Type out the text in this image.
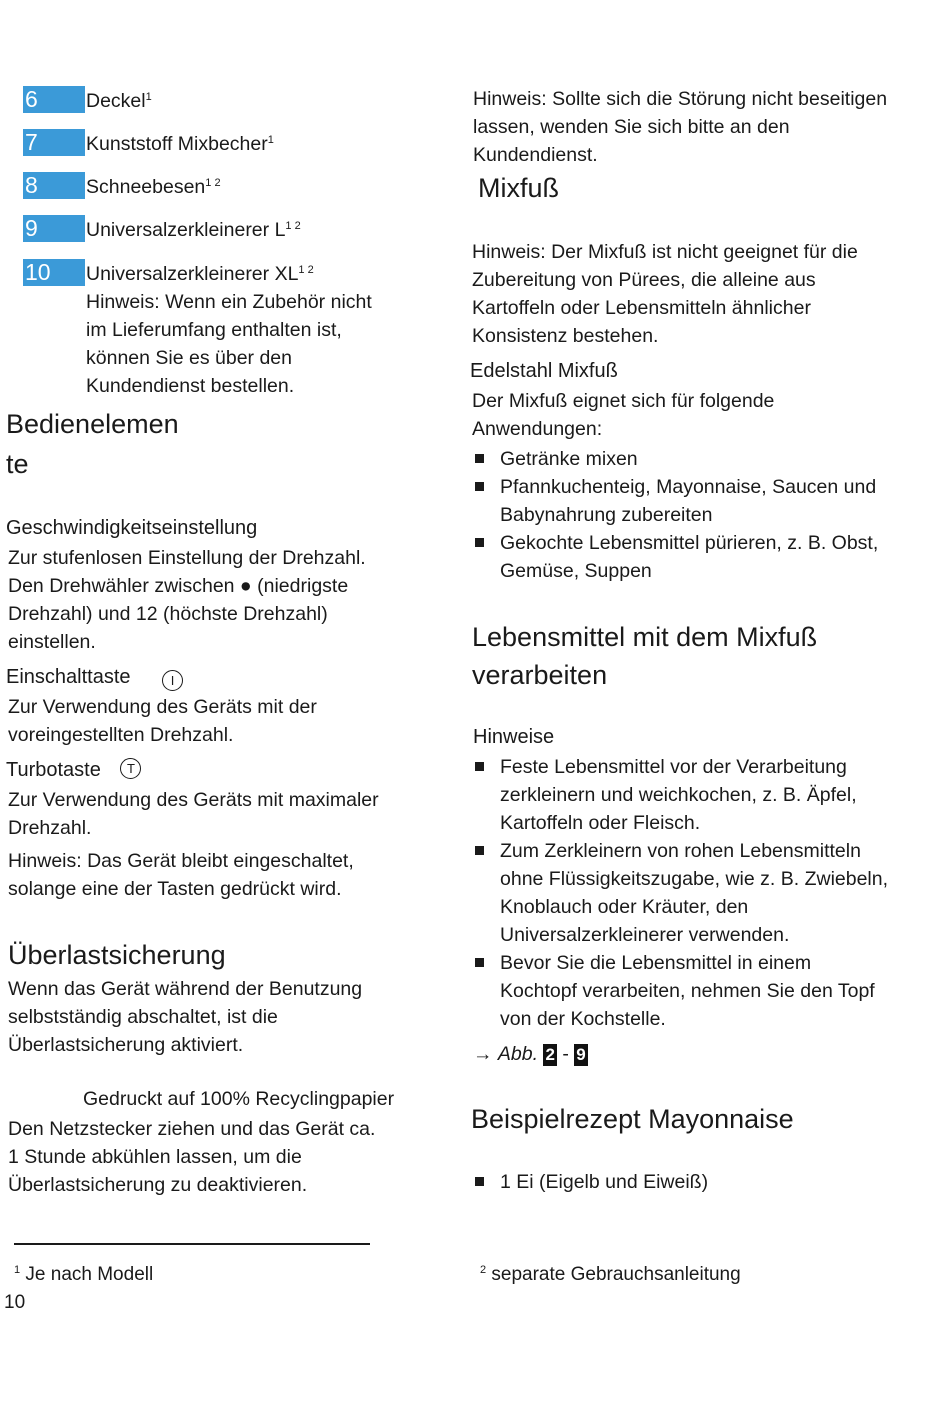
6	Deckel$^1$
7	Kunststoff Mixbecher$^1$
8	Schneebesen$^{1 2}$
9	Universalzerkleinerer $L^{1 2}$
10	Universalzerkleinerer $XL^{1 2}$
Hinweis: Wenn ein Zubehör nicht
im Lieferumfang enthalten ist,
können Sie es über den
Kundendienst bestellen.
Bedienelemen
te
Geschwindigkeitseinstellung
Zur stufenlosen Einstellung der Drehzahl.
Den Drehwähler zwischen ● (niedrigste
Drehzahl) und 12 (höchste Drehzahl)
einstellen.
Einschalttaste	I
Zur Verwendung des Geräts mit der
voreingestellten Drehzahl.
Turbotaste T
Zur Verwendung des Geräts mit maximaler
Drehzahl.
Hinweis: Das Gerät bleibt eingeschaltet,
solange eine der Tasten gedrückt wird.
Überlastsicherung
Wenn das Gerät während der Benutzung
selbstständig abschaltet, ist die
Überlastsicherung aktiviert.
Gedruckt auf 100% Recyclingpapier
Den Netzstecker ziehen und das Gerät ca.
1 Stunde abkühlen lassen, um die
Überlastsicherung zu deaktivieren.
Hinweis: Sollte sich die Störung nicht beseitigen
lassen, wenden Sie sich bitte an den
Kundendienst.
Mixfuß
Hinweis: Der Mixfuß ist nicht geeignet für die
Zubereitung von Pürees, die alleine aus
Kartoffeln oder Lebensmitteln ähnlicher
Konsistenz bestehen.
Edelstahl Mixfuß
Der Mixfuß eignet sich für folgende
Anwendungen:
Getränke mixen
Pfannkuchenteig, Mayonnaise, Saucen und
Babynahrung zubereiten
Gekochte Lebensmittel pürieren, z. B. Obst,
Gemüse, Suppen
Lebensmittel mit dem Mixfuß
verarbeiten
Hinweise
Feste Lebensmittel vor der Verarbeitung
zerkleinern und weichkochen, z. B. Äpfel,
Kartoffeln oder Fleisch.
Zum Zerkleinern von rohen Lebensmitteln
ohne Flüssigkeitszugabe, wie z. B. Zwiebeln,
Knoblauch oder Kräuter, den
Universalzerkleinerer verwenden.
Bevor Sie die Lebensmittel in einem
Kochtopf verarbeiten, nehmen Sie den Topf
von der Kochstelle.
→ Abb. 2 - 9
Beispielrezept Mayonnaise
1 Ei (Eigelb und Eiweiß)
$^1$ Je nach Modell	$^2$ separate Gebrauchsanleitung
10
